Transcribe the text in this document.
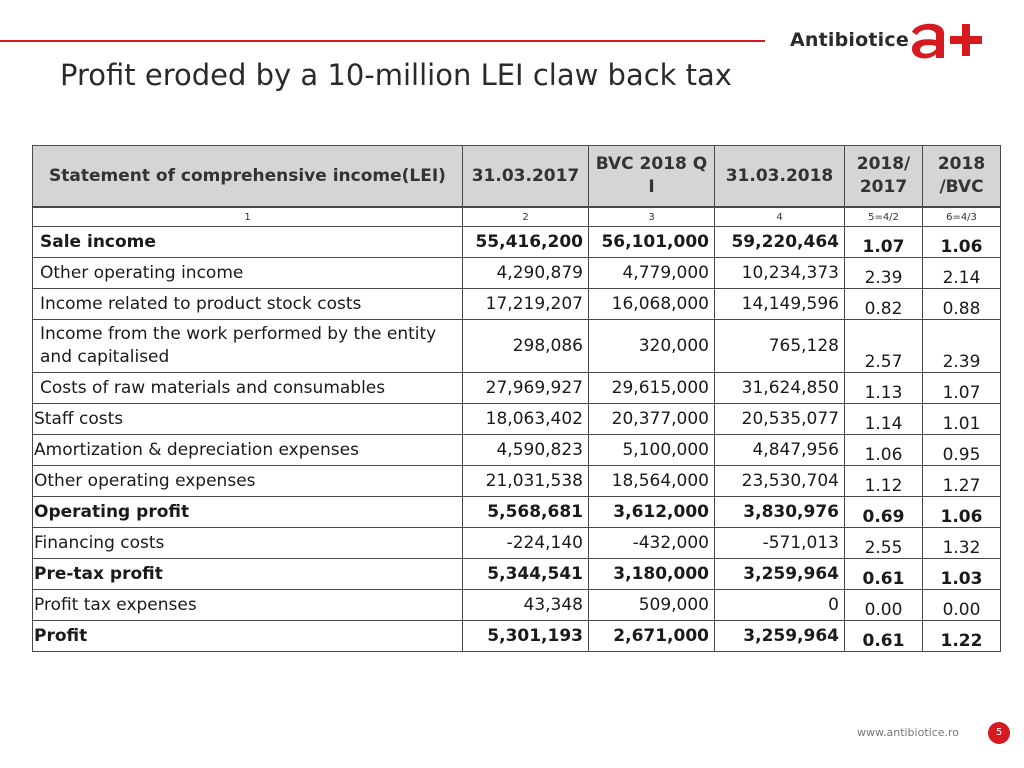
Antibiotice
Profit eroded by a 10-million LEI claw back tax
Statement of comprehensive income(LEI)	31.03.2017	BVC 2018 Q I	31.03.2018	2018/ 2017	2018 /BVC
1	2	3	4	5=4/2	6=4/3
Sale income	55,416,200	56,101,000	59,220,464	1.07	1.06
Other operating income	4,290,879	4,779,000	10,234,373	2.39	2.14
Income related to product stock costs	17,219,207	16,068,000	14,149,596	0.82	0.88
Income from the work performed by the entity and capitalised	298,086	320,000	765,128	2.57	2.39
Costs of raw materials and consumables	27,969,927	29,615,000	31,624,850	1.13	1.07
Staff costs	18,063,402	20,377,000	20,535,077	1.14	1.01
Amortization & depreciation expenses	4,590,823	5,100,000	4,847,956	1.06	0.95
Other operating expenses	21,031,538	18,564,000	23,530,704	1.12	1.27
Operating profit	5,568,681	3,612,000	3,830,976	0.69	1.06
Financing costs	-224,140	-432,000	-571,013	2.55	1.32
Pre-tax profit	5,344,541	3,180,000	3,259,964	0.61	1.03
Profit tax expenses	43,348	509,000	0	0.00	0.00
Profit	5,301,193	2,671,000	3,259,964	0.61	1.22
www.antibiotice.ro	5
